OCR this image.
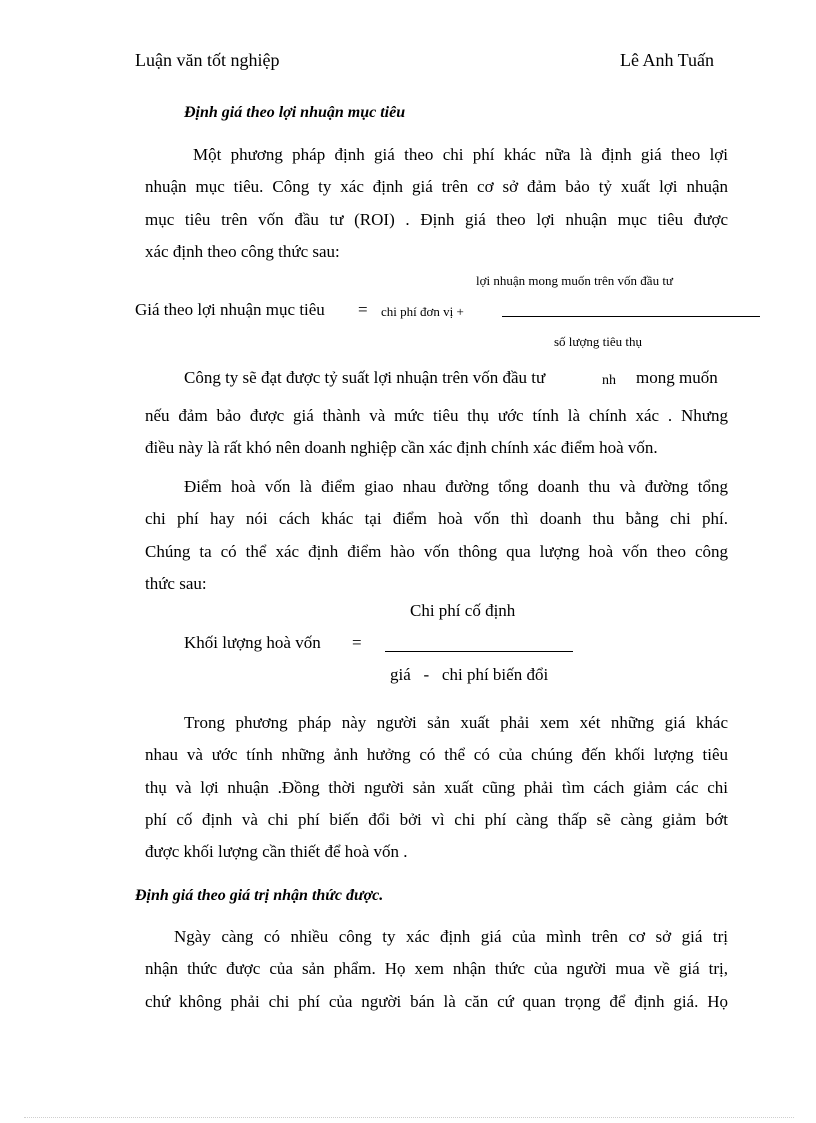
Luận văn tốt nghiệp	Lê Anh Tuấn
Định giá theo lợi nhuận mục tiêu
Một phương pháp định giá theo chi phí khác nữa là định giá theo lợi
nhuận mục tiêu. Công ty xác định giá trên cơ sở đảm bảo tỷ xuất lợi nhuận
mục tiêu trên vốn đầu tư (ROI) . Định giá theo lợi nhuận mục tiêu được
xác định theo công thức sau:
lợi nhuận mong muốn trên vốn đầu tư
Giá theo lợi nhuận mục tiêu = chi phí đơn vị +
số lượng tiêu thụ
Công ty sẽ đạt được tỷ suất lợi nhuận trên vốn đầu tư	nh mong muốn
nếu đảm bảo được giá thành và mức tiêu thụ ước tính là chính xác . Nhưng
điều này là rất khó nên doanh nghiệp cần xác định chính xác điểm hoà vốn.
Điểm hoà vốn là điểm giao nhau đường tổng doanh thu và đường tổng
chi phí hay nói cách khác tại điểm hoà vốn thì doanh thu bằng chi phí.
Chúng ta có thể xác định điểm hào vốn thông qua lượng hoà vốn theo công
thức sau:
Chi phí cố định
Khối lượng hoà vốn =
giá   -   chi phí biến đổi
Trong phương pháp này người sản xuất phải xem xét những giá khác
nhau và ước tính những ảnh hưởng có thể có của chúng đến khối lượng tiêu
thụ và lợi nhuận .Đồng thời người sản xuất cũng phải tìm cách giảm các chi
phí cố định và chi phí biến đổi bởi vì chi phí càng thấp sẽ càng giảm bớt
được khối lượng cần thiết để hoà vốn .
Định giá theo giá trị nhận thức được.
Ngày càng có nhiều công ty xác định giá của mình trên cơ sở giá trị
nhận thức được của sản phẩm. Họ xem nhận thức của người mua về giá trị,
chứ không phải chi phí của người bán là căn cứ quan trọng để định giá. Họ
